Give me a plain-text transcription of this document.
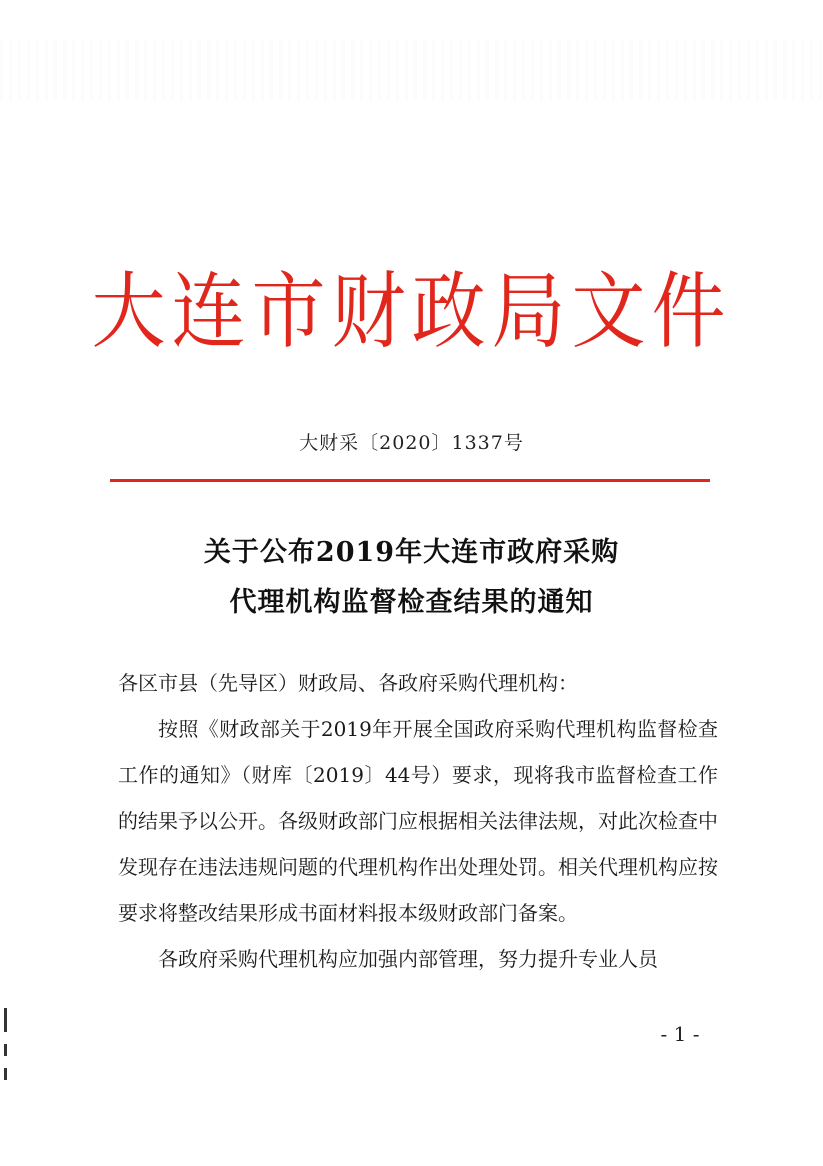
大连市财政局文件
大财采〔2020〕1337号
关于公布2019年大连市政府采购
代理机构监督检查结果的通知

各区市县（先导区）财政局、各政府采购代理机构：

按照《财政部关于2019年开展全国政府采购代理机构监督检查工作的通知》（财库〔2019〕44号）要求，现将我市监督检查工作的结果予以公开。各级财政部门应根据相关法律法规，对此次检查中发现存在违法违规问题的代理机构作出处理处罚。相关代理机构应按要求将整改结果形成书面材料报本级财政部门备案。

各政府采购代理机构应加强内部管理，努力提升专业人员

- 1 -
